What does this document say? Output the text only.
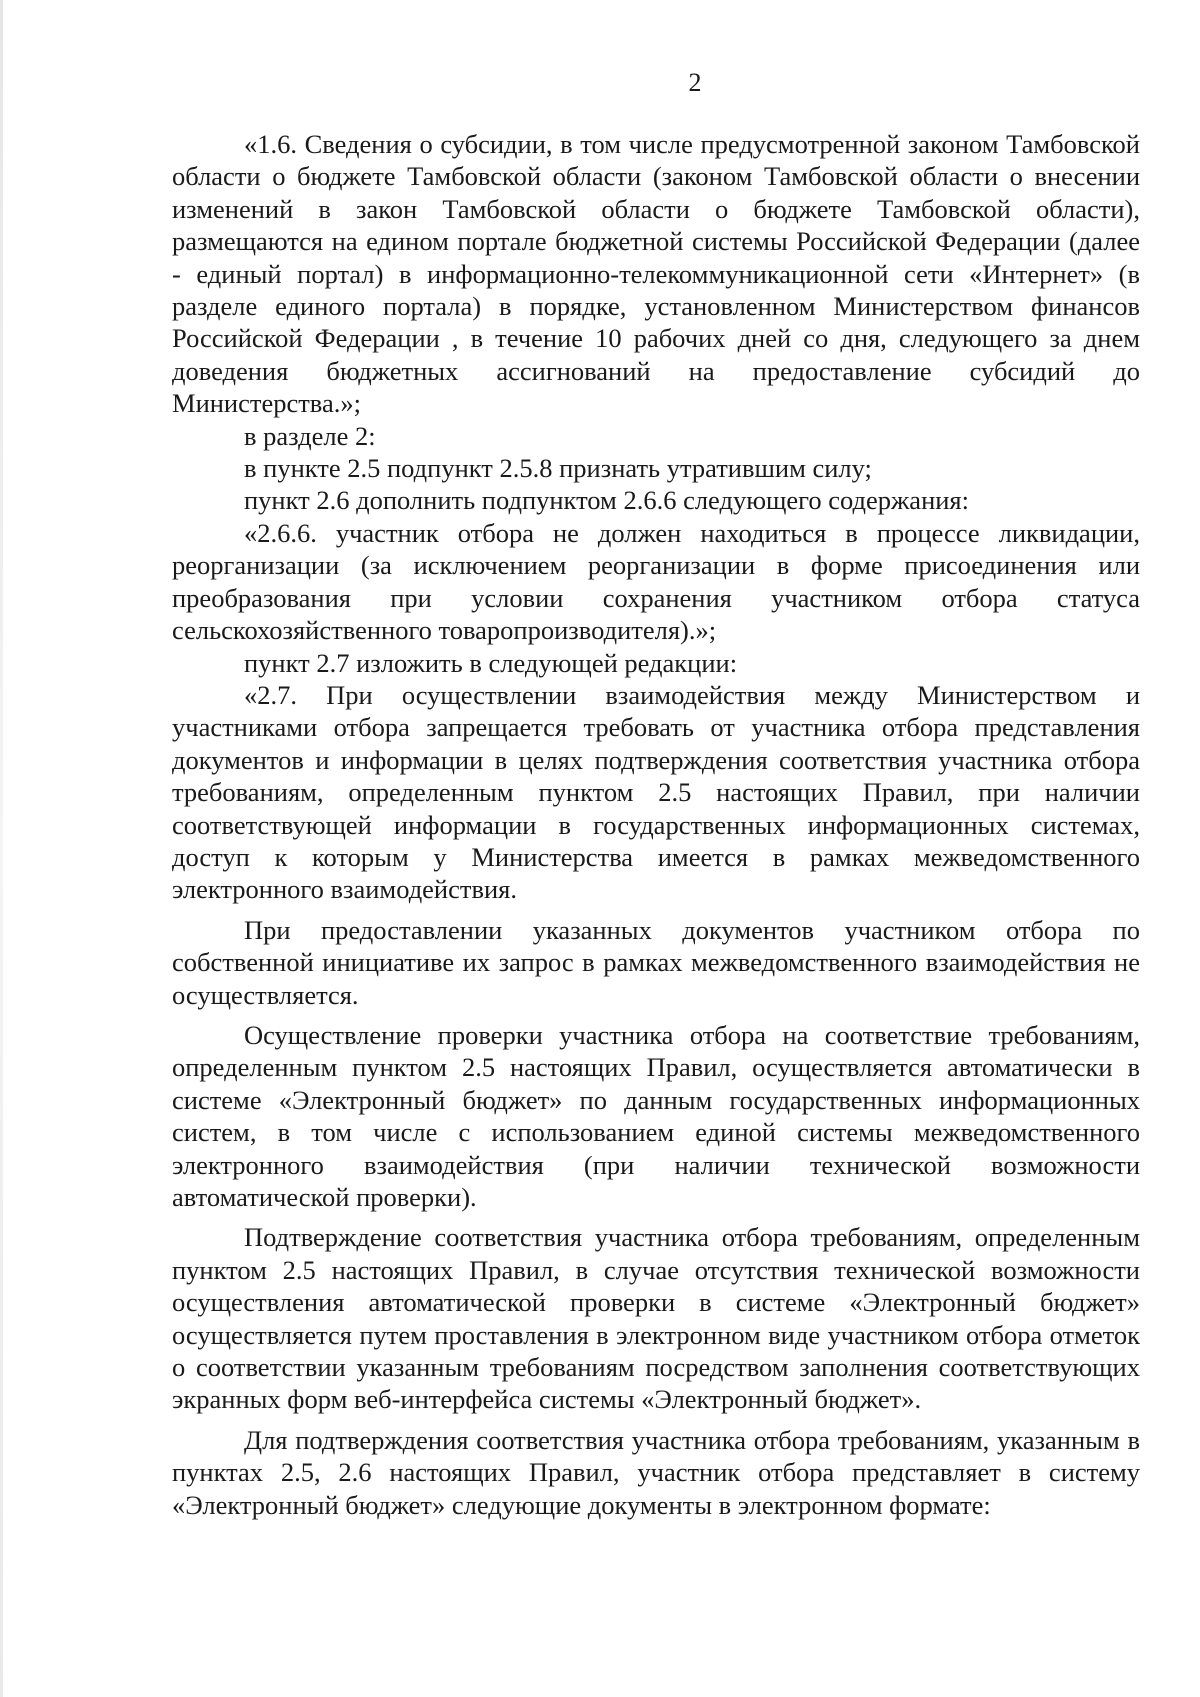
2

«1.6. Сведения о субсидии, в том числе предусмотренной законом Тамбовской области о бюджете Тамбовской области (законом Тамбовской области о внесении изменений в закон Тамбовской области о бюджете Тамбовской области), размещаются на едином портале бюджетной системы Российской Федерации (далее - единый портал) в информационно-телекоммуникационной сети «Интернет» (в разделе единого портала) в порядке, установленном Министерством финансов Российской Федерации , в течение 10 рабочих дней со дня, следующего за днем доведения бюджетных ассигнований на предоставление субсидий до Министерства.»;

в разделе 2:

в пункте 2.5 подпункт 2.5.8 признать утратившим силу;

пункт 2.6 дополнить подпунктом 2.6.6 следующего содержания:

«2.6.6. участник отбора не должен находиться в процессе ликвидации, реорганизации (за исключением реорганизации в форме присоединения или преобразования при условии сохранения участником отбора статуса сельскохозяйственного товаропроизводителя).»;

пункт 2.7 изложить в следующей редакции:

«2.7. При осуществлении взаимодействия между Министерством и участниками отбора запрещается требовать от участника отбора представления документов и информации в целях подтверждения соответствия участника отбора требованиям, определенным пунктом 2.5 настоящих Правил, при наличии соответствующей информации в государственных информационных системах, доступ к которым у Министерства имеется в рамках межведомственного электронного взаимодействия.

При предоставлении указанных документов участником отбора по собственной инициативе их запрос в рамках межведомственного взаимодействия не осуществляется.

Осуществление проверки участника отбора на соответствие требованиям, определенным пунктом 2.5 настоящих Правил, осуществляется автоматически в системе «Электронный бюджет» по данным государственных информационных систем, в том числе с использованием единой системы межведомственного электронного взаимодействия (при наличии технической возможности автоматической проверки).

Подтверждение соответствия участника отбора требованиям, определенным пунктом 2.5 настоящих Правил, в случае отсутствия технической возможности осуществления автоматической проверки в системе «Электронный бюджет» осуществляется путем проставления в электронном виде участником отбора отметок о соответствии указанным требованиям посредством заполнения соответствующих экранных форм веб-интерфейса системы «Электронный бюджет».

Для подтверждения соответствия участника отбора требованиям, указанным в пунктах 2.5, 2.6 настоящих Правил, участник отбора представляет в систему «Электронный бюджет» следующие документы в электронном формате:
